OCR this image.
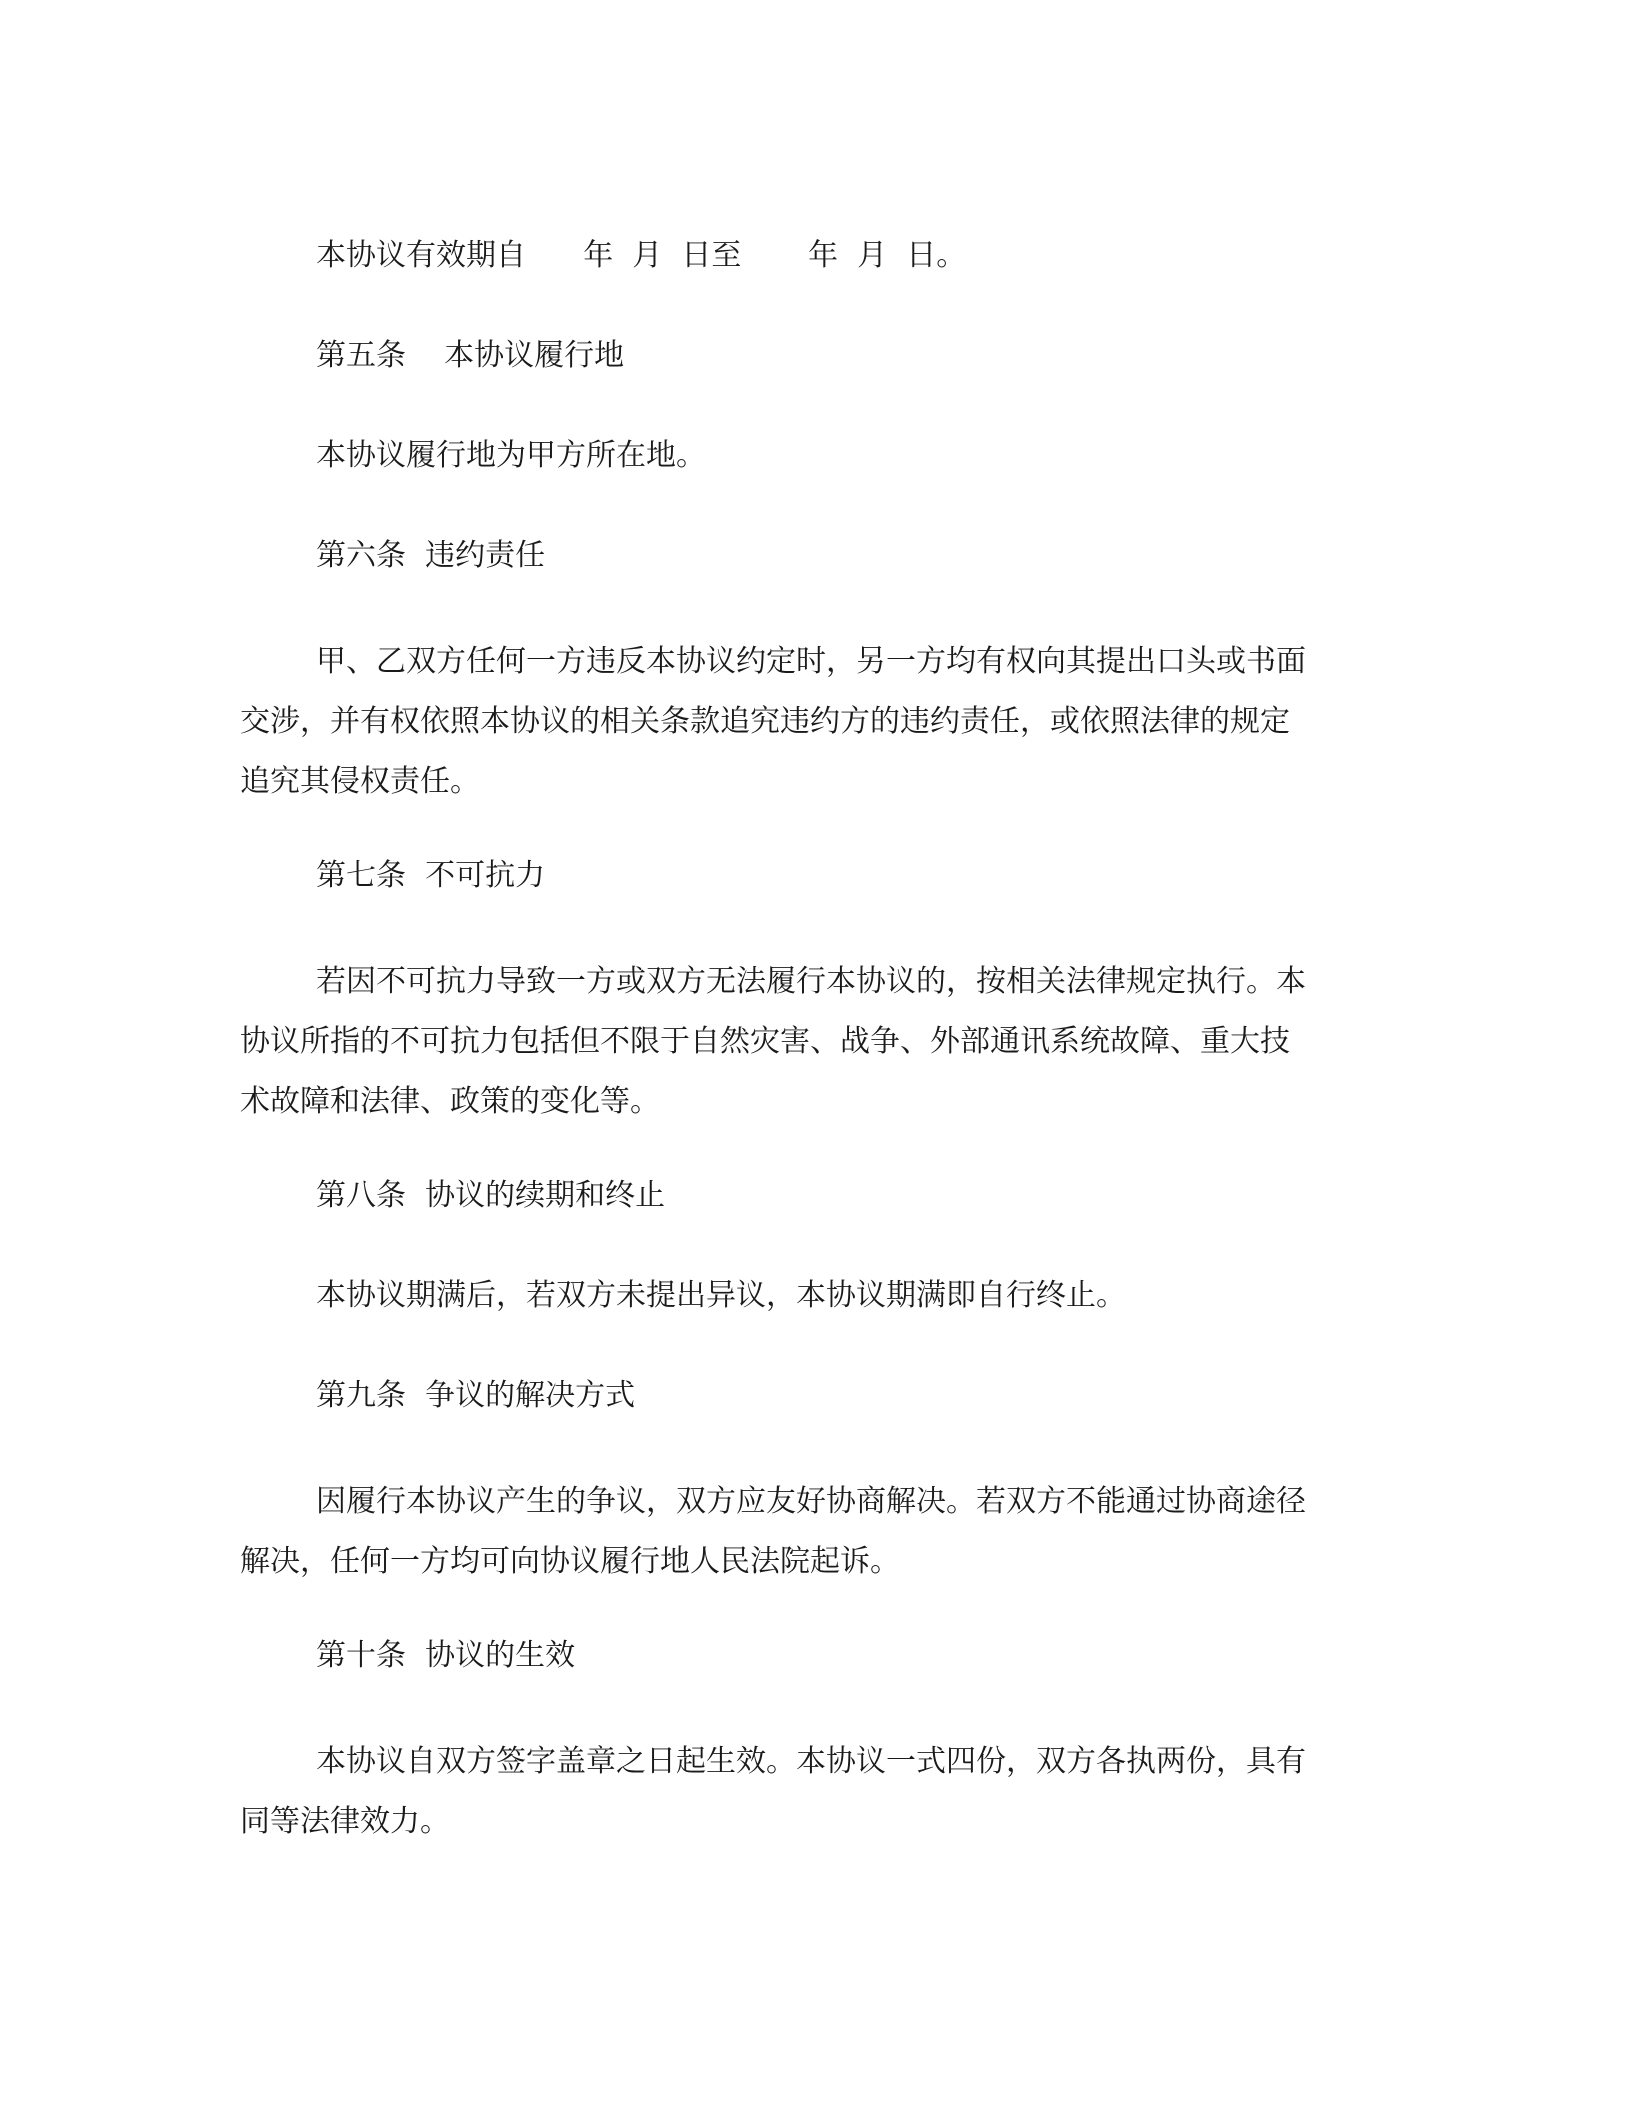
本协议有效期自      年  月  日至       年  月  日。
第五条    本协议履行地
本协议履行地为甲方所在地。
第六条  违约责任
甲、乙双方任何一方违反本协议约定时，另一方均有权向其提出口头或书面
交涉，并有权依照本协议的相关条款追究违约方的违约责任，或依照法律的规定
追究其侵权责任。
第七条  不可抗力
若因不可抗力导致一方或双方无法履行本协议的，按相关法律规定执行。本
协议所指的不可抗力包括但不限于自然灾害、战争、外部通讯系统故障、重大技
术故障和法律、政策的变化等。
第八条  协议的续期和终止
本协议期满后，若双方未提出异议，本协议期满即自行终止。
第九条  争议的解决方式
因履行本协议产生的争议，双方应友好协商解决。若双方不能通过协商途径
解决，任何一方均可向协议履行地人民法院起诉。
第十条  协议的生效
本协议自双方签字盖章之日起生效。本协议一式四份，双方各执两份，具有
同等法律效力。
